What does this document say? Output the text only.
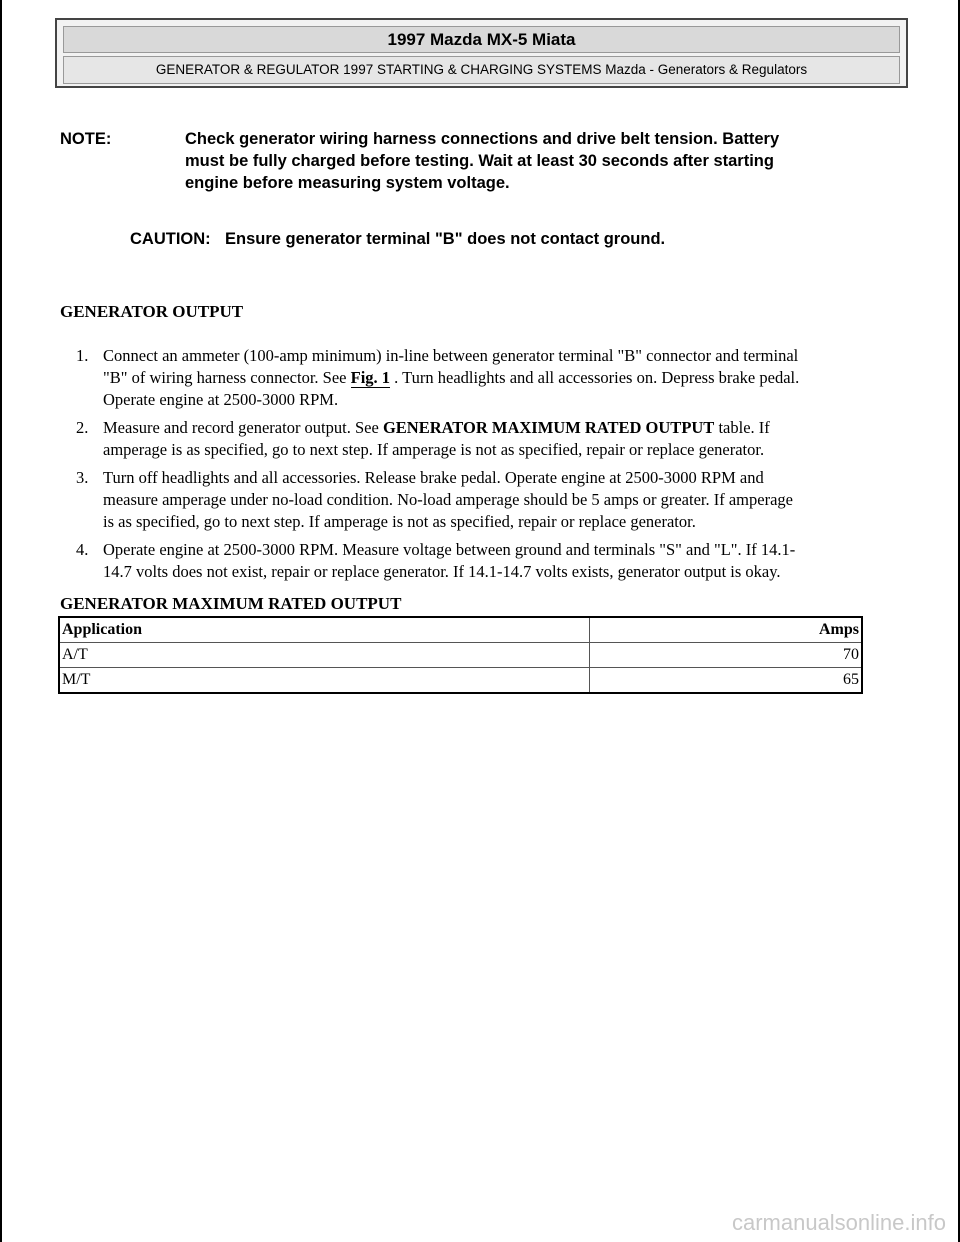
1997 Mazda MX-5 Miata
GENERATOR & REGULATOR 1997 STARTING & CHARGING SYSTEMS Mazda - Generators & Regulators
NOTE:	Check generator wiring harness connections and drive belt tension. Battery
must be fully charged before testing. Wait at least 30 seconds after starting
engine before measuring system voltage.
CAUTION: Ensure generator terminal "B" does not contact ground.
GENERATOR OUTPUT
1. Connect an ammeter (100-amp minimum) in-line between generator terminal "B" connector and terminal
"B" of wiring harness connector. See Fig. 1 . Turn headlights and all accessories on. Depress brake pedal.
Operate engine at 2500-3000 RPM.
2. Measure and record generator output. See GENERATOR MAXIMUM RATED OUTPUT table. If
amperage is as specified, go to next step. If amperage is not as specified, repair or replace generator.
3. Turn off headlights and all accessories. Release brake pedal. Operate engine at 2500-3000 RPM and
measure amperage under no-load condition. No-load amperage should be 5 amps or greater. If amperage
is as specified, go to next step. If amperage is not as specified, repair or replace generator.
4. Operate engine at 2500-3000 RPM. Measure voltage between ground and terminals "S" and "L". If 14.1-
14.7 volts does not exist, repair or replace generator. If 14.1-14.7 volts exists, generator output is okay.
GENERATOR MAXIMUM RATED OUTPUT
Application	Amps
A/T	70
M/T	65
carmanualsonline.info
